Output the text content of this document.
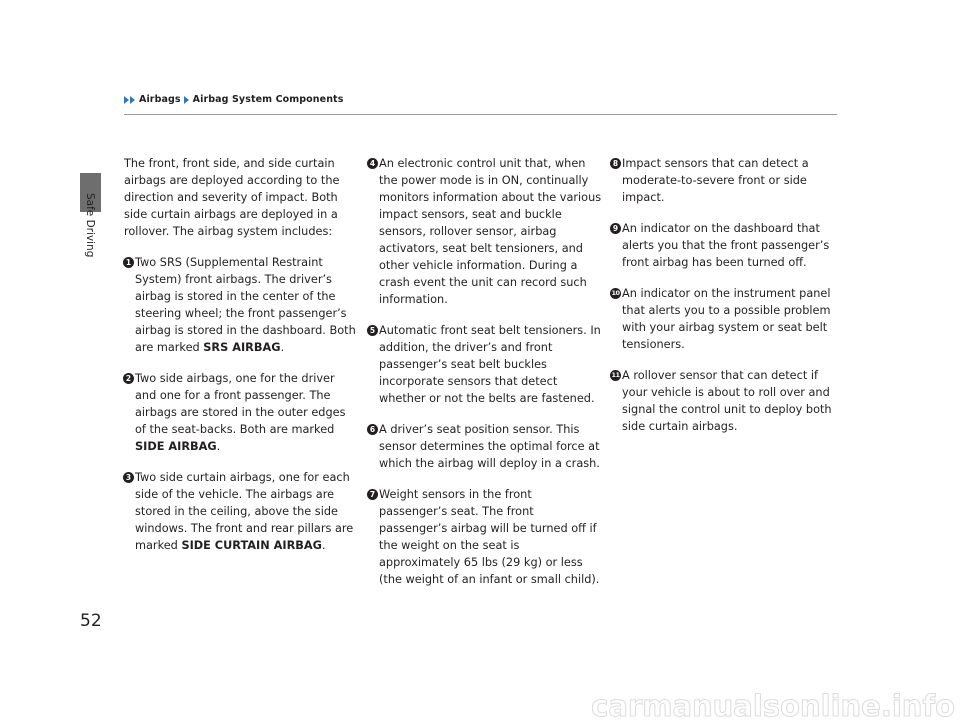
Airbags Airbag System Components
Safe Driving

The front, front side, and side curtain airbags are deployed according to the direction and severity of impact. Both side curtain airbags are deployed in a rollover. The airbag system includes:

1 Two SRS (Supplemental Restraint System) front airbags. The driver’s airbag is stored in the center of the steering wheel; the front passenger’s airbag is stored in the dashboard. Both are marked SRS AIRBAG.
2 Two side airbags, one for the driver and one for a front passenger. The airbags are stored in the outer edges of the seat-backs. Both are marked SIDE AIRBAG.
3 Two side curtain airbags, one for each side of the vehicle. The airbags are stored in the ceiling, above the side windows. The front and rear pillars are marked SIDE CURTAIN AIRBAG.
4 An electronic control unit that, when the power mode is in ON, continually monitors information about the various impact sensors, seat and buckle sensors, rollover sensor, airbag activators, seat belt tensioners, and other vehicle information. During a crash event the unit can record such information.
5 Automatic front seat belt tensioners. In addition, the driver’s and front passenger’s seat belt buckles incorporate sensors that detect whether or not the belts are fastened.
6 A driver’s seat position sensor. This sensor determines the optimal force at which the airbag will deploy in a crash.
7 Weight sensors in the front passenger’s seat. The front passenger’s airbag will be turned off if the weight on the seat is approximately 65 lbs (29 kg) or less (the weight of an infant or small child).
8 Impact sensors that can detect a moderate-to-severe front or side impact.
9 An indicator on the dashboard that alerts you that the front passenger’s front airbag has been turned off.
10 An indicator on the instrument panel that alerts you to a possible problem with your airbag system or seat belt tensioners.
11 A rollover sensor that can detect if your vehicle is about to roll over and signal the control unit to deploy both side curtain airbags.
52
carmanualsonline.info
